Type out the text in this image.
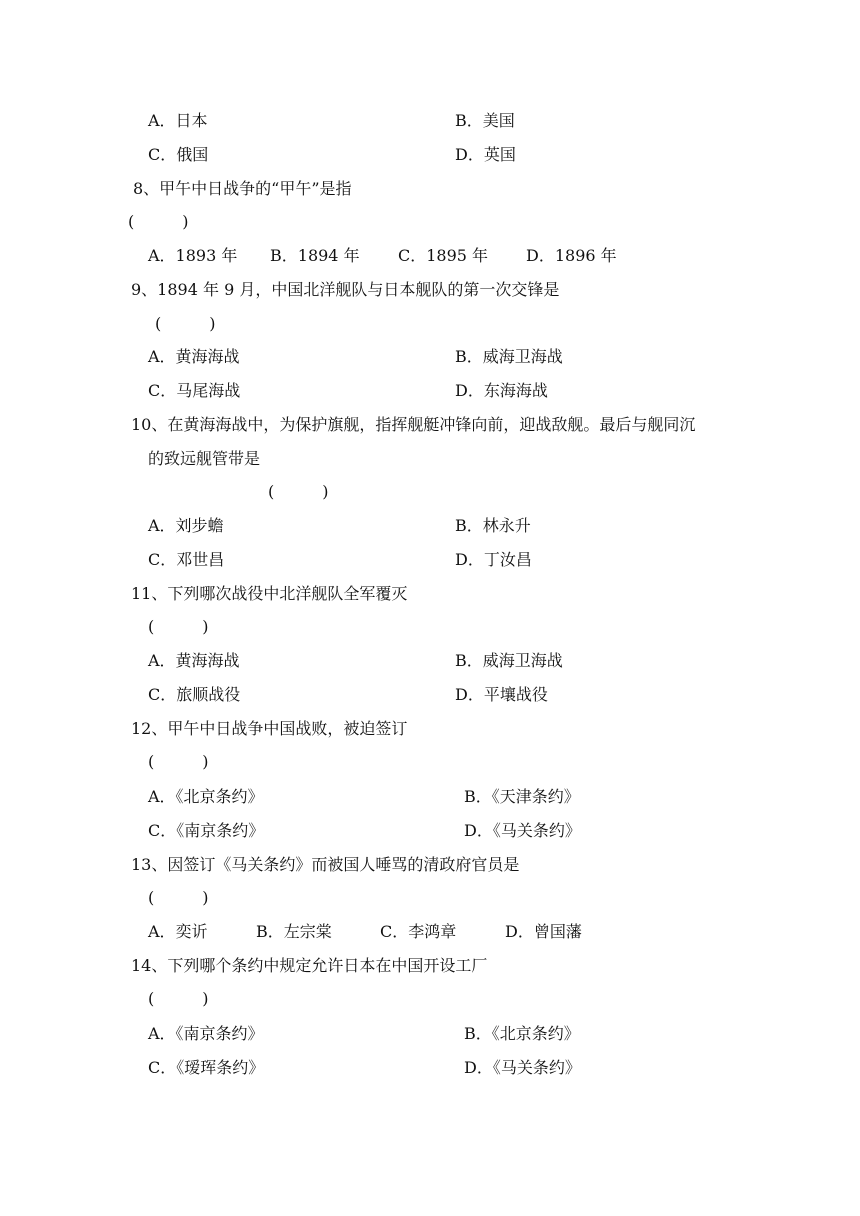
A．日本	B．美国
C．俄国	D．英国
8、甲午中日战争的“甲午”是指
(　　　)
A．1893 年 B．1894 年 C．1895 年 D．1896 年
9、1894 年 9 月，中国北洋舰队与日本舰队的第一次交锋是
(　　　)
A．黄海海战	B．威海卫海战
C．马尾海战	D．东海海战
10、在黄海海战中，为保护旗舰，指挥舰艇冲锋向前，迎战敌舰。最后与舰同沉
的致远舰管带是
(　　　)
A．刘步蟾	B．林永升
C．邓世昌	D．丁汝昌
11、下列哪次战役中北洋舰队全军覆灭
(　　　)
A．黄海海战	B．威海卫海战
C．旅顺战役	D．平壤战役
12、甲午中日战争中国战败，被迫签订
(　　　)
A．《北京条约》	B．《天津条约》
C．《南京条约》	D．《马关条约》
13、因签订《马关条约》而被国人唾骂的清政府官员是
(　　　)
A．奕䜣	B．左宗棠	C．李鸿章	D．曾国藩
14、下列哪个条约中规定允许日本在中国开设工厂
(　　　)
A．《南京条约》	B．《北京条约》
C．《瑷珲条约》	D．《马关条约》
